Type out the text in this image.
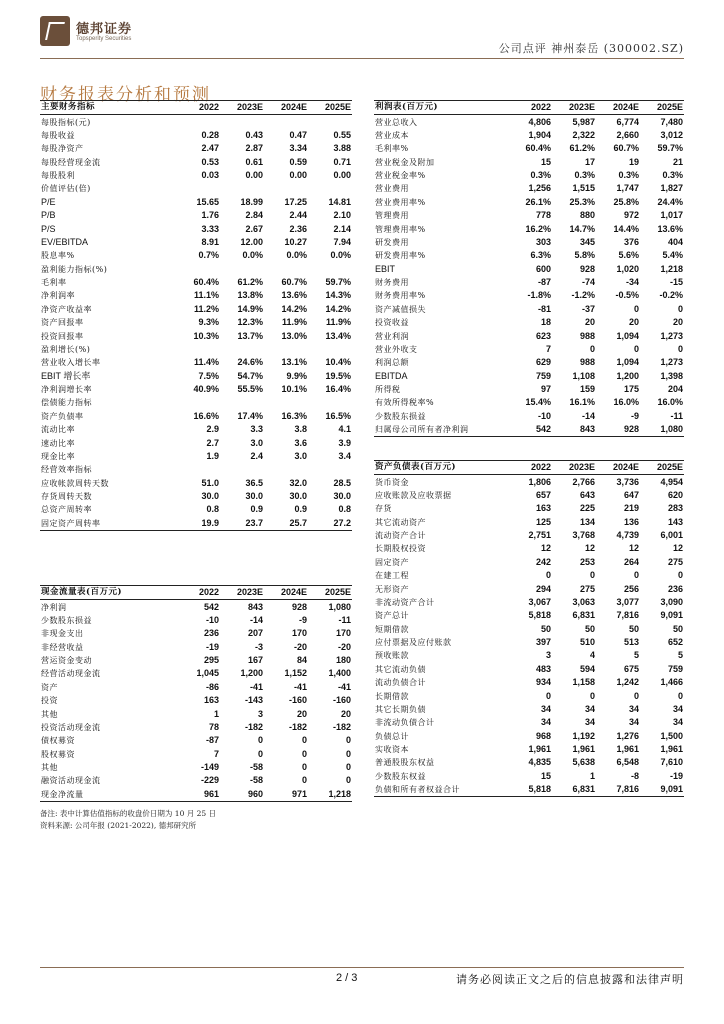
德邦证券
Topsperity Securities
公司点评 神州泰岳 (300002.SZ)
财务报表分析和预测
主要财务指标	2022	2023E	2024E	2025E
每股指标(元)				
每股收益	0.28	0.43	0.47	0.55
每股净资产	2.47	2.87	3.34	3.88
每股经营现金流	0.53	0.61	0.59	0.71
每股股利	0.03	0.00	0.00	0.00
价值评估(倍)				
P/E	15.65	18.99	17.25	14.81
P/B	1.76	2.84	2.44	2.10
P/S	3.33	2.67	2.36	2.14
EV/EBITDA	8.91	12.00	10.27	7.94
股息率%	0.7%	0.0%	0.0%	0.0%
盈利能力指标(%)				
毛利率	60.4%	61.2%	60.7%	59.7%
净利润率	11.1%	13.8%	13.6%	14.3%
净资产收益率	11.2%	14.9%	14.2%	14.2%
资产回报率	9.3%	12.3%	11.9%	11.9%
投资回报率	10.3%	13.7%	13.0%	13.4%
盈利增长(%)				
营业收入增长率	11.4%	24.6%	13.1%	10.4%
EBIT 增长率	7.5%	54.7%	9.9%	19.5%
净利润增长率	40.9%	55.5%	10.1%	16.4%
偿债能力指标				
资产负债率	16.6%	17.4%	16.3%	16.5%
流动比率	2.9	3.3	3.8	4.1
速动比率	2.7	3.0	3.6	3.9
现金比率	1.9	2.4	3.0	3.4
经营效率指标				
应收帐款周转天数	51.0	36.5	32.0	28.5
存货周转天数	30.0	30.0	30.0	30.0
总资产周转率	0.8	0.9	0.9	0.8
固定资产周转率	19.9	23.7	25.7	27.2
利润表(百万元)	2022	2023E	2024E	2025E
营业总收入	4,806	5,987	6,774	7,480
营业成本	1,904	2,322	2,660	3,012
毛利率%	60.4%	61.2%	60.7%	59.7%
营业税金及附加	15	17	19	21
营业税金率%	0.3%	0.3%	0.3%	0.3%
营业费用	1,256	1,515	1,747	1,827
营业费用率%	26.1%	25.3%	25.8%	24.4%
管理费用	778	880	972	1,017
管理费用率%	16.2%	14.7%	14.4%	13.6%
研发费用	303	345	376	404
研发费用率%	6.3%	5.8%	5.6%	5.4%
EBIT	600	928	1,020	1,218
财务费用	-87	-74	-34	-15
财务费用率%	-1.8%	-1.2%	-0.5%	-0.2%
资产减值损失	-81	-37	0	0
投资收益	18	20	20	20
营业利润	623	988	1,094	1,273
营业外收支	7	0	0	0
利润总额	629	988	1,094	1,273
EBITDA	759	1,108	1,200	1,398
所得税	97	159	175	204
有效所得税率%	15.4%	16.1%	16.0%	16.0%
少数股东损益	-10	-14	-9	-11
归属母公司所有者净利润	542	843	928	1,080
资产负债表(百万元)	2022	2023E	2024E	2025E
货币资金	1,806	2,766	3,736	4,954
应收账款及应收票据	657	643	647	620
存货	163	225	219	283
其它流动资产	125	134	136	143
流动资产合计	2,751	3,768	4,739	6,001
长期股权投资	12	12	12	12
固定资产	242	253	264	275
在建工程	0	0	0	0
无形资产	294	275	256	236
非流动资产合计	3,067	3,063	3,077	3,090
资产总计	5,818	6,831	7,816	9,091
短期借款	50	50	50	50
应付票据及应付账款	397	510	513	652
预收账款	3	4	5	5
其它流动负债	483	594	675	759
流动负债合计	934	1,158	1,242	1,466
长期借款	0	0	0	0
其它长期负债	34	34	34	34
非流动负债合计	34	34	34	34
负债总计	968	1,192	1,276	1,500
实收资本	1,961	1,961	1,961	1,961
普通股股东权益	4,835	5,638	6,548	7,610
少数股东权益	15	1	-8	-19
负债和所有者权益合计	5,818	6,831	7,816	9,091
现金流量表(百万元)	2022	2023E	2024E	2025E
净利润	542	843	928	1,080
少数股东损益	-10	-14	-9	-11
非现金支出	236	207	170	170
非经营收益	-19	-3	-20	-20
营运资金变动	295	167	84	180
经营活动现金流	1,045	1,200	1,152	1,400
资产	-86	-41	-41	-41
投资	163	-143	-160	-160
其他	1	3	20	20
投资活动现金流	78	-182	-182	-182
债权募资	-87	0	0	0
股权募资	7	0	0	0
其他	-149	-58	0	0
融资活动现金流	-229	-58	0	0
现金净流量	961	960	971	1,218
备注: 表中计算估值指标的收盘价日期为 10 月 25 日
资料来源: 公司年报 (2021-2022), 德邦研究所
2 / 3	请务必阅读正文之后的信息披露和法律声明
